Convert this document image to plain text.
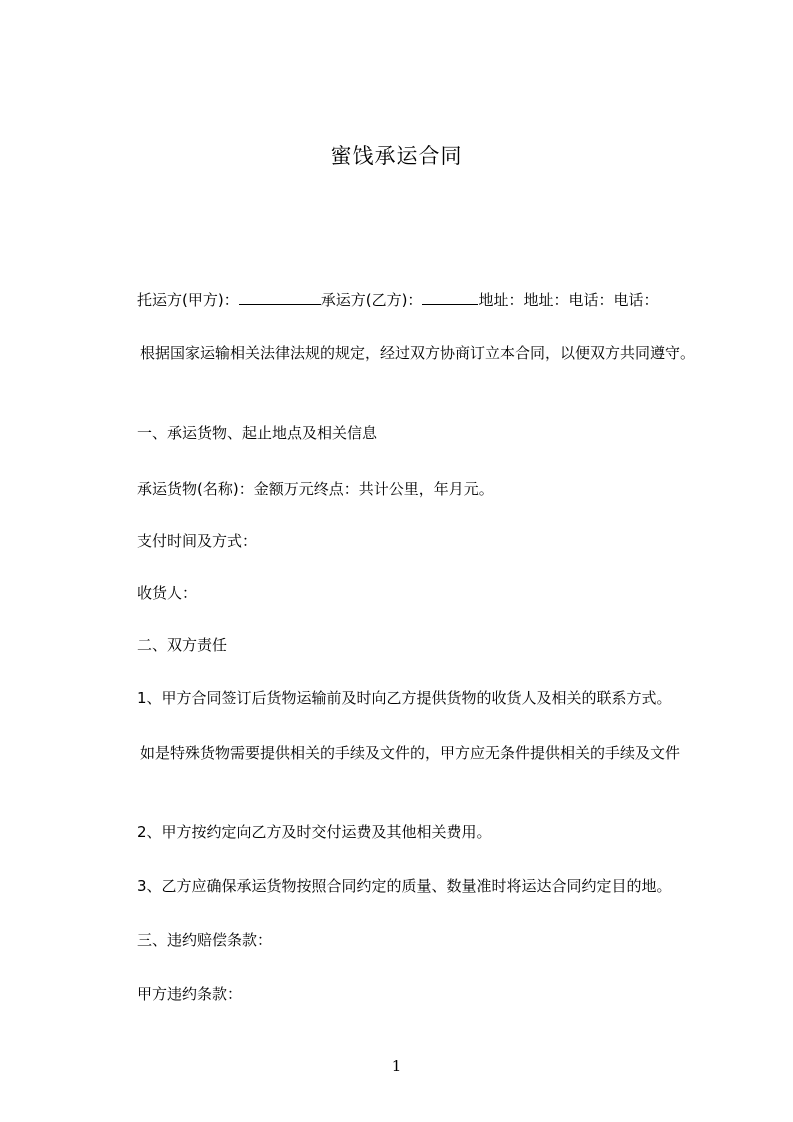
蜜饯承运合同
托运方(甲方)：	承运方(乙方)：	地址：地址：电话：电话：
根据国家运输相关法律法规的规定，经过双方协商订立本合同，以便双方共同遵守。
一、承运货物、起止地点及相关信息
承运货物(名称)：金额万元终点：共计公里，年月元。
支付时间及方式：
收货人：
二、双方责任
1、甲方合同签订后货物运输前及时向乙方提供货物的收货人及相关的联系方式。
如是特殊货物需要提供相关的手续及文件的，甲方应无条件提供相关的手续及文件
2、甲方按约定向乙方及时交付运费及其他相关费用。
3、乙方应确保承运货物按照合同约定的质量、数量准时将运达合同约定目的地。
三、违约赔偿条款：
甲方违约条款：
1
